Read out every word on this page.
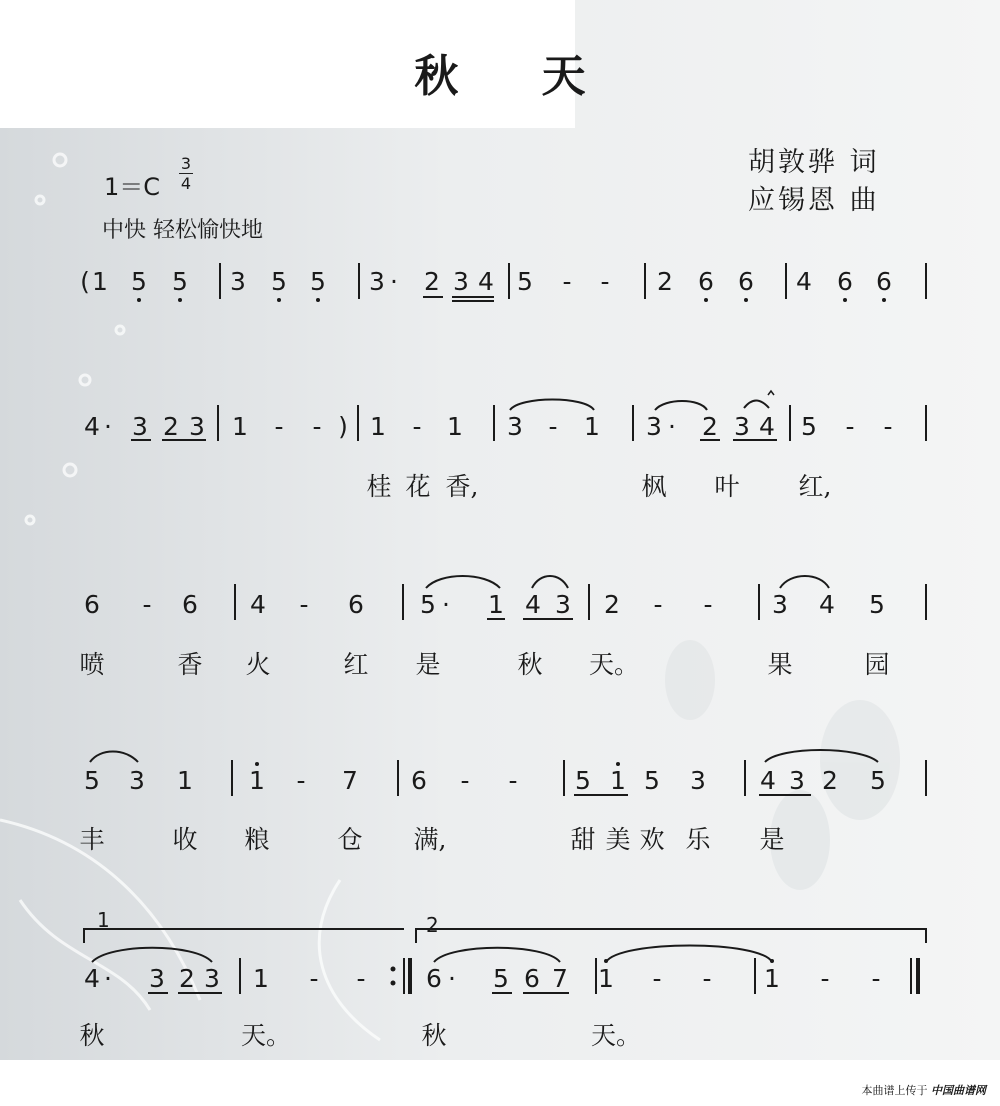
秋 天
胡敦骅 词
应锡恩 曲
1＝C
3
4
中快 轻松愉快地
( 1 5 5 3 5 5 3 · 2 3 4 5 - - 2 6 6 4 6 6
4 · 3 2 3 1 - - ) 1 - 1 3 - 1 3 · 2 3 4 5 - -
桂 花 香,	枫 叶 红,
6 - 6 4 - 6 5 · 1 4 3 2 - - 3 4 5
喷	香 火	红 是	秋 天。	果	园
5 3 1 1 - 7 6 - - 5 1 5 3 4 3 2 5
丰	收 粮	仓 满,	甜 美 欢 乐 是
4 · 3 2 3 1 - - 6 · 5 6 7 1 - - 1 - -
秋	天。	秋	天。
1	2
本曲谱上传于 中国曲谱网
